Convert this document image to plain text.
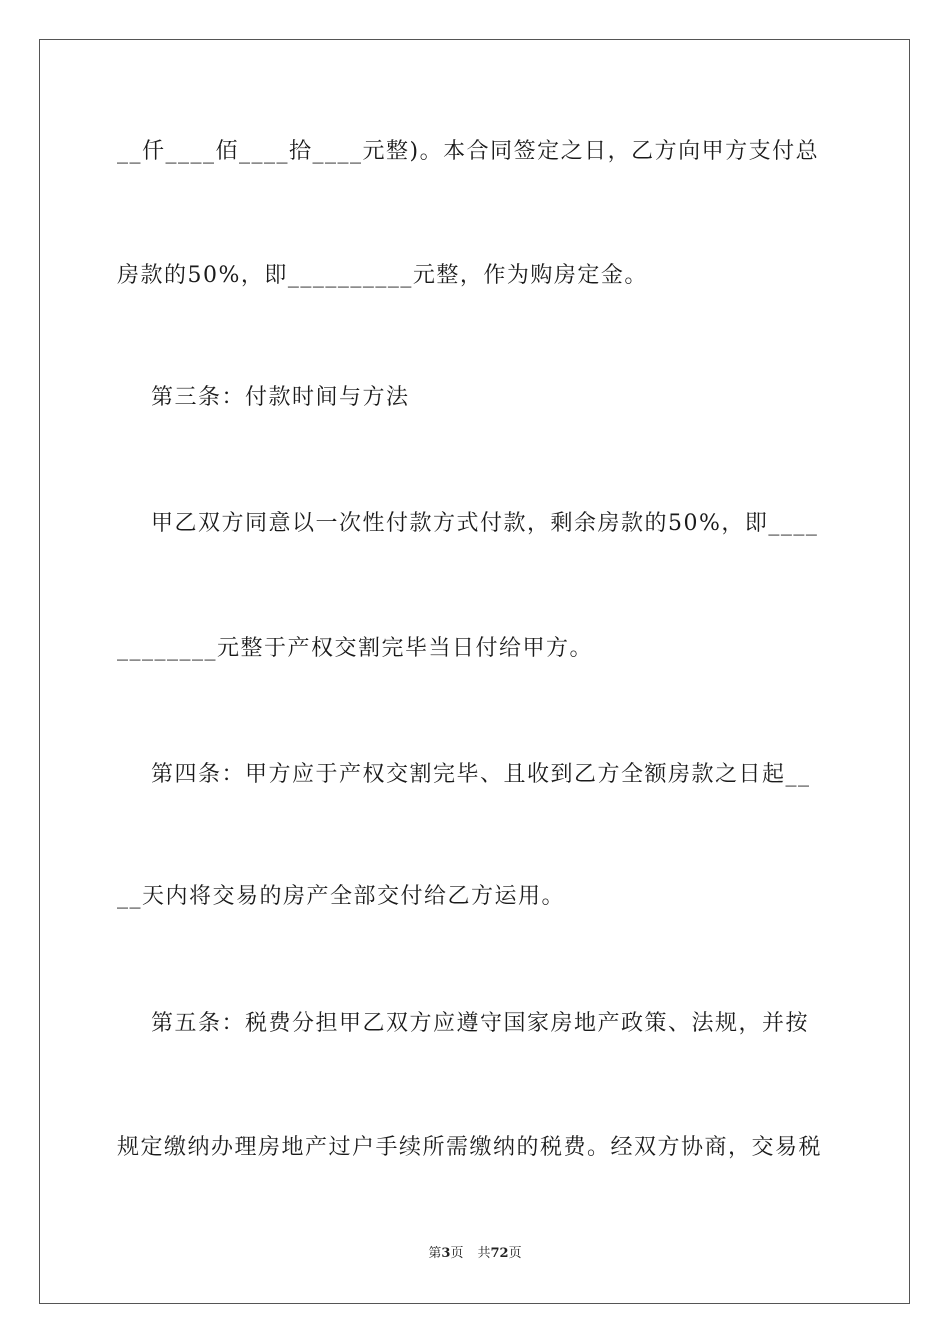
__仟____佰____拾____元整)。本合同签定之日，乙方向甲方支付总
房款的50%，即__________元整，作为购房定金。
第三条：付款时间与方法
甲乙双方同意以一次性付款方式付款，剩余房款的50%，即____
________元整于产权交割完毕当日付给甲方。
第四条：甲方应于产权交割完毕、且收到乙方全额房款之日起__
__天内将交易的房产全部交付给乙方运用。
第五条：税费分担甲乙双方应遵守国家房地产政策、法规，并按
规定缴纳办理房地产过户手续所需缴纳的税费。经双方协商，交易税
第3页 共72页
